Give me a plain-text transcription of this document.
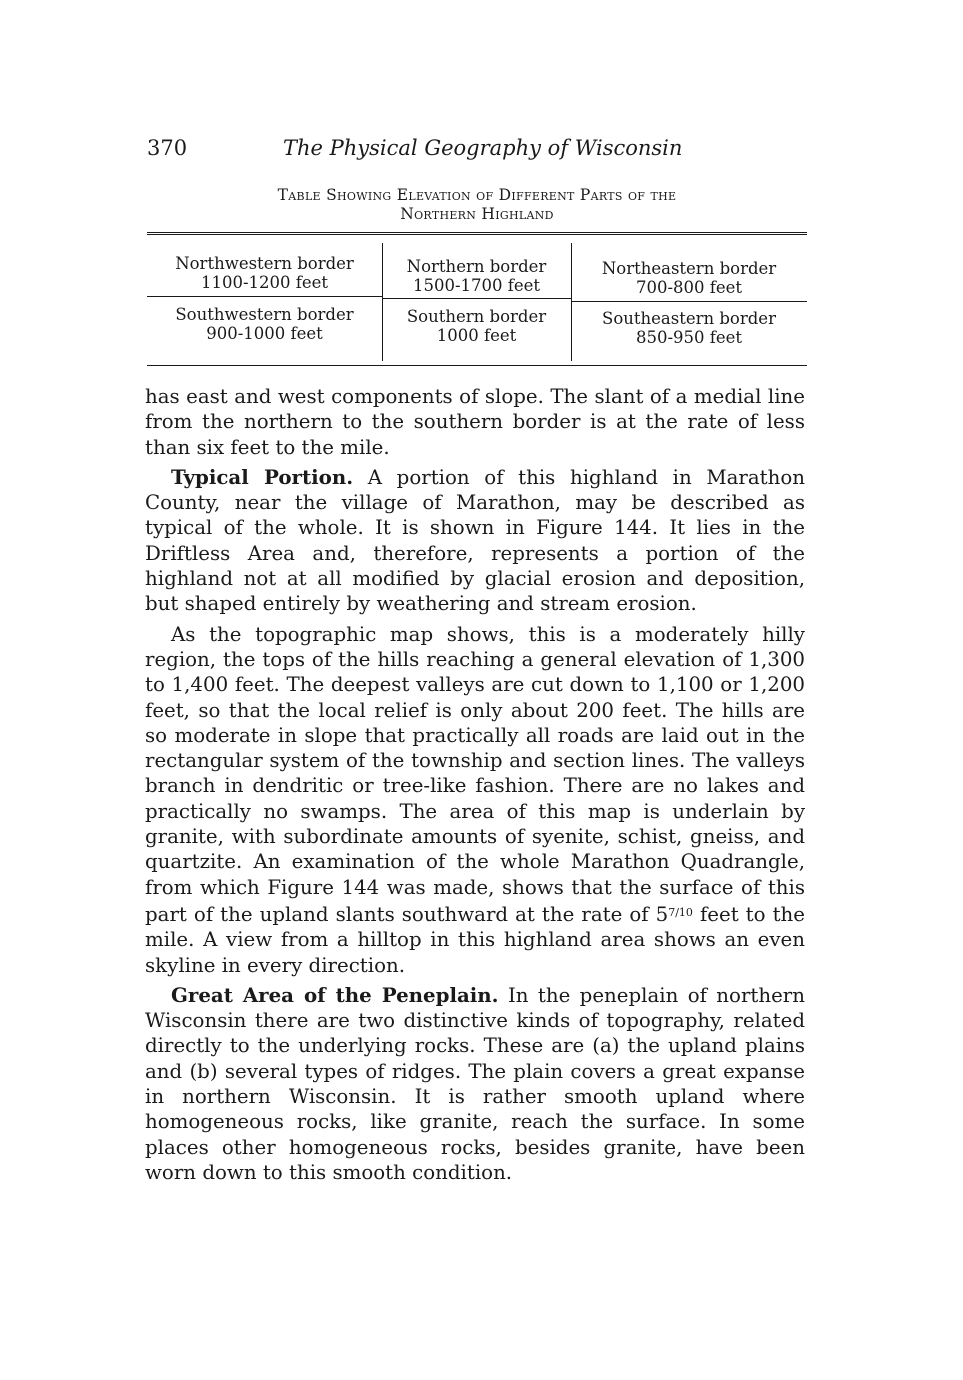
370	The Physical Geography of Wisconsin
Table Showing Elevation of Different Parts of the
Northern Highland
Northwestern border
1100-1200 feet
Northern border
1500-1700 feet
Northeastern border
700-800 feet
Southwestern border
900-1000 feet
Southern border
1000 feet
Southeastern border
850-950 feet

has east and west components of slope. The slant of a medial line from the northern to the southern border is at the rate of less than six feet to the mile.

Typical Portion. A portion of this highland in Marathon County, near the village of Marathon, may be described as typical of the whole. It is shown in Figure 144. It lies in the Driftless Area and, therefore, represents a portion of the highland not at all modified by glacial erosion and deposition, but shaped entirely by weathering and stream erosion.

As the topographic map shows, this is a moderately hilly region, the tops of the hills reaching a general elevation of 1,300 to 1,400 feet. The deepest valleys are cut down to 1,100 or 1,200 feet, so that the local relief is only about 200 feet. The hills are so moderate in slope that practically all roads are laid out in the rectangular system of the township and section lines. The valleys branch in dendritic or tree-like fashion. There are no lakes and practically no swamps. The area of this map is underlain by granite, with subordinate amounts of syenite, schist, gneiss, and quartzite. An examination of the whole Marathon Quadrangle, from which Figure 144 was made, shows that the surface of this part of the upland slants southward at the rate of $5^{7/10}$ feet to the mile. A view from a hilltop in this highland area shows an even skyline in every direction.

Great Area of the Peneplain. In the peneplain of northern Wisconsin there are two distinctive kinds of topography, related directly to the underlying rocks. These are (a) the upland plains and (b) several types of ridges. The plain covers a great expanse in northern Wisconsin. It is rather smooth upland where homogeneous rocks, like granite, reach the surface. In some places other homogeneous rocks, besides granite, have been worn down to this smooth condition.
